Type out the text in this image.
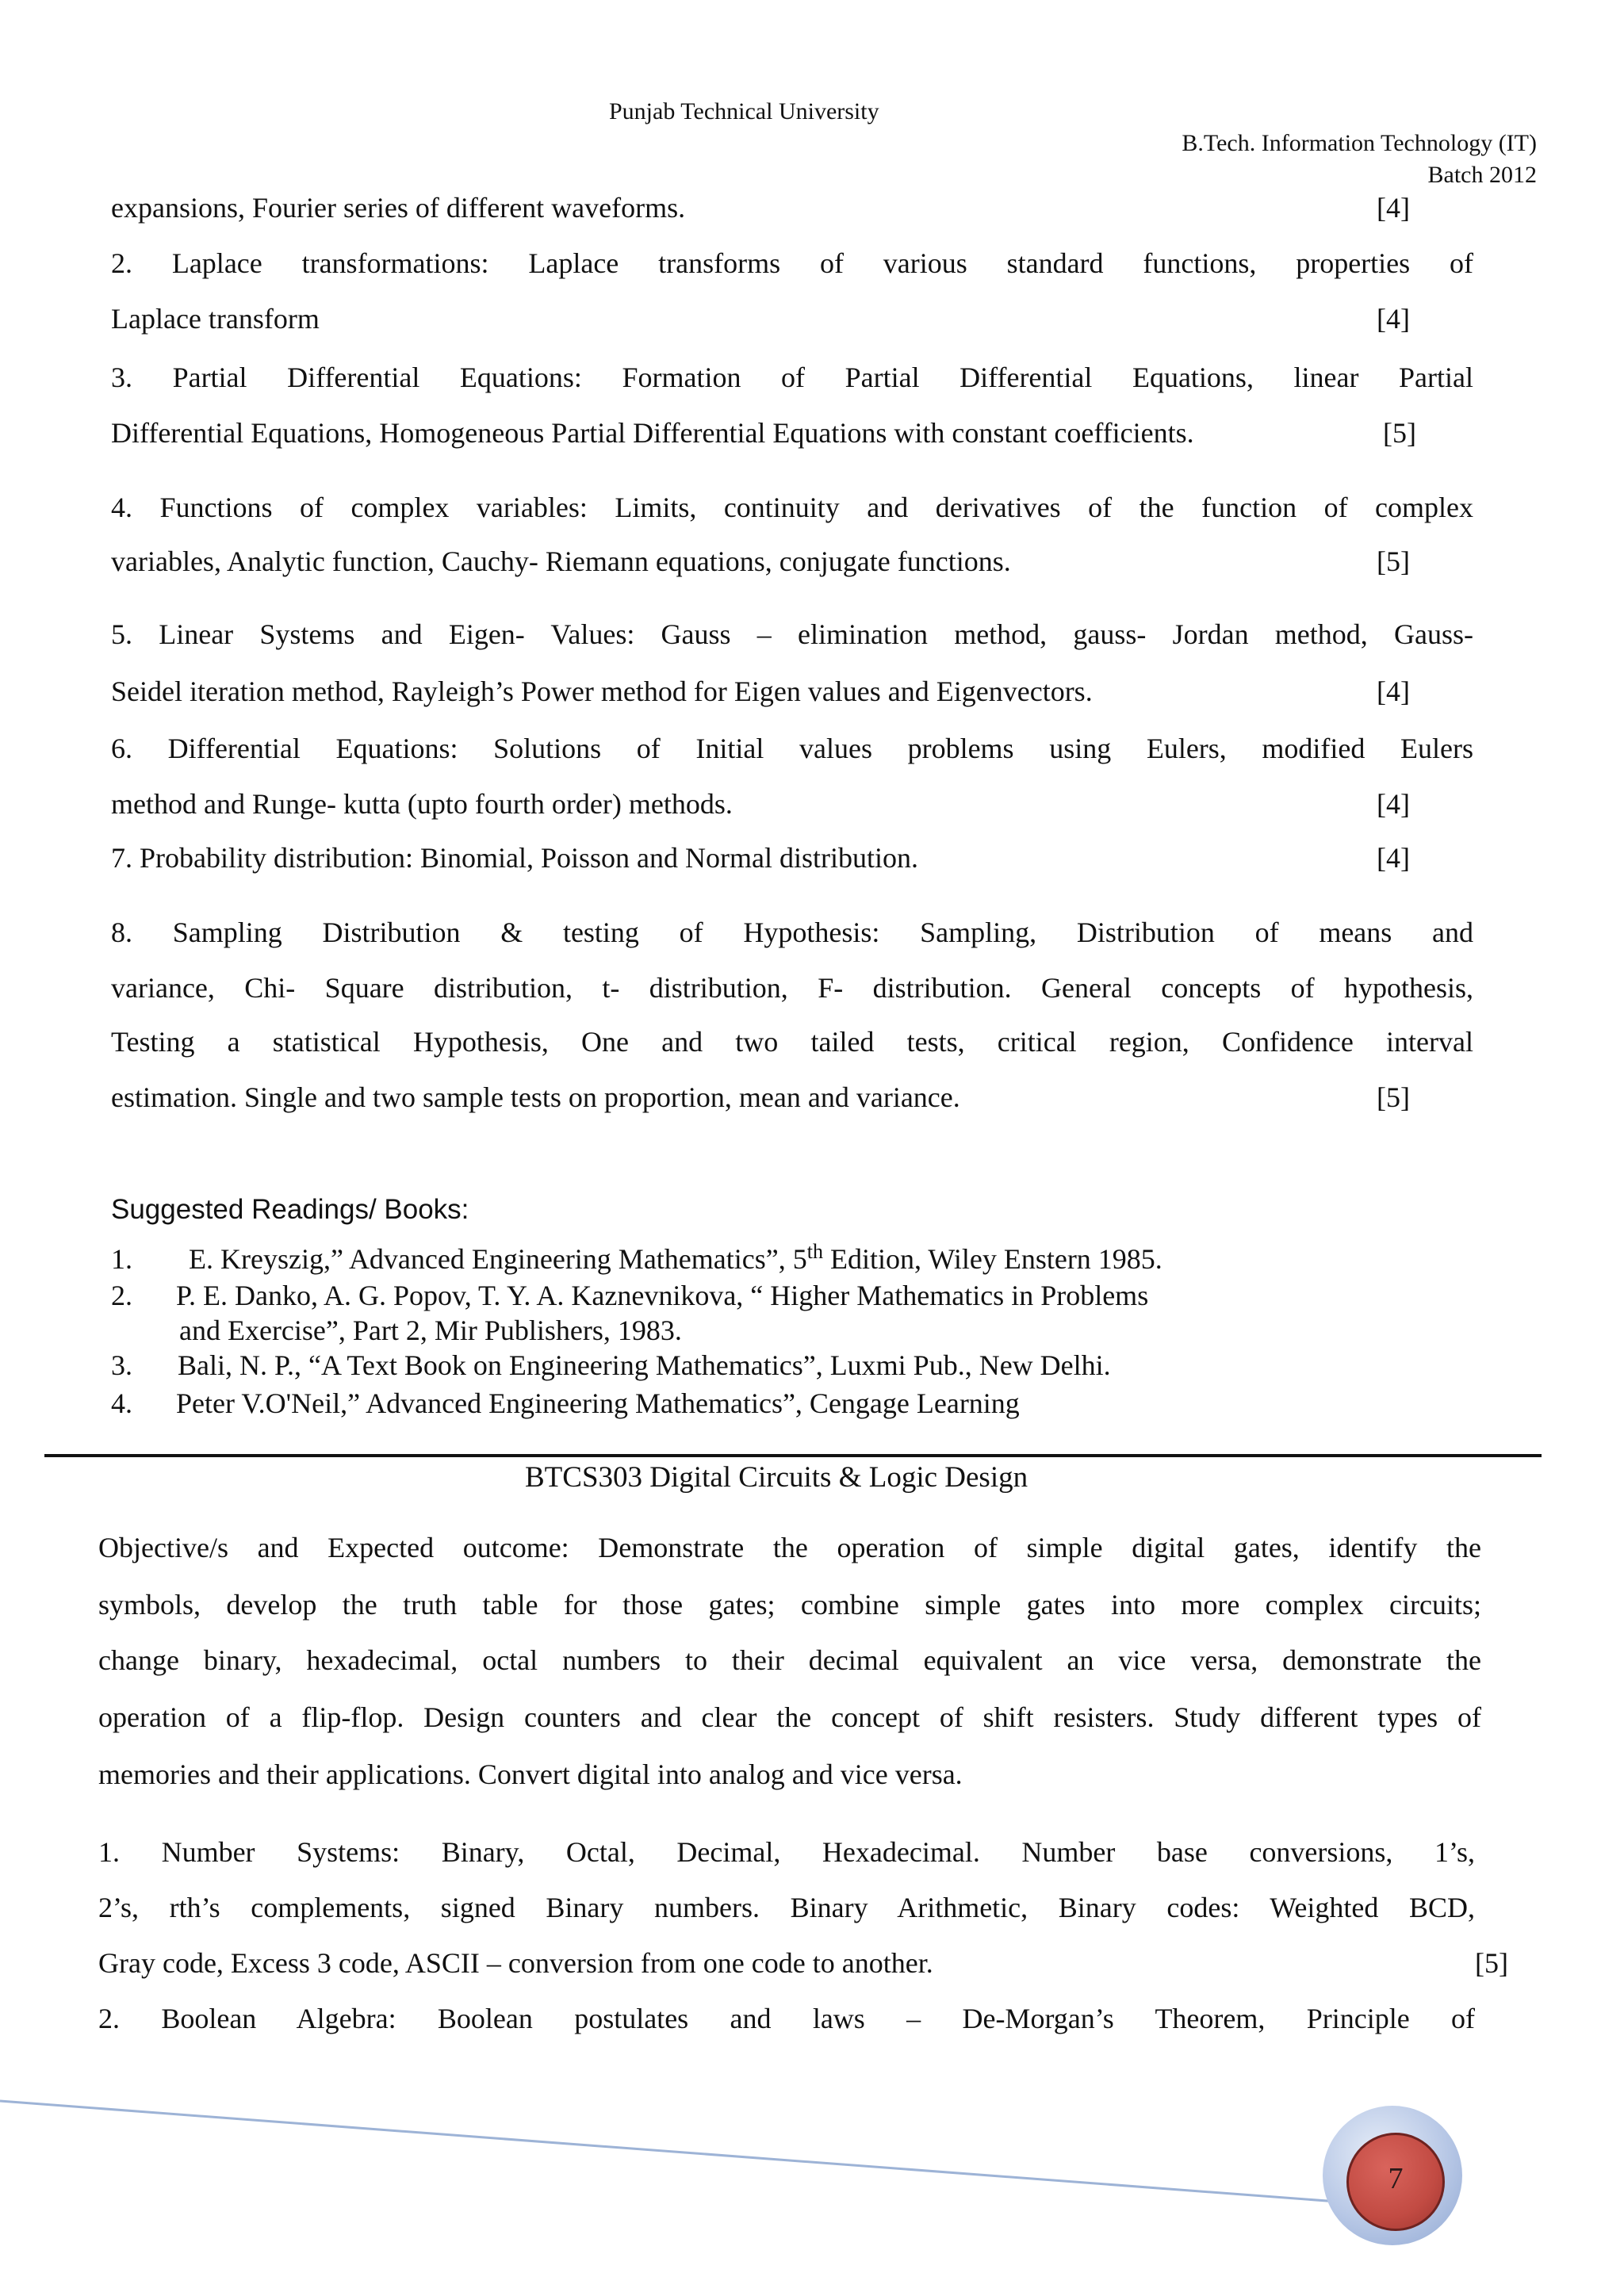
Punjab Technical University
B.Tech. Information Technology (IT)
Batch 2012
expansions, Fourier series of different waveforms.	[4]
2. Laplace transformations: Laplace transforms of various standard functions, properties of
Laplace transform	[4]
3. Partial Differential Equations: Formation of Partial Differential Equations, linear Partial
Differential Equations, Homogeneous Partial Differential Equations with constant coefficients.	[5]
4. Functions of complex variables: Limits, continuity and derivatives of the function of complex
variables, Analytic function, Cauchy- Riemann equations, conjugate functions.	[5]
5. Linear Systems and Eigen- Values: Gauss – elimination method, gauss- Jordan method, Gauss-
Seidel iteration method, Rayleigh’s Power method for Eigen values and Eigenvectors.	[4]
6. Differential Equations: Solutions of Initial values problems using Eulers, modified Eulers
method and Runge- kutta (upto fourth order) methods.	[4]
7. Probability distribution: Binomial, Poisson and Normal distribution.	[4]
8. Sampling Distribution & testing of Hypothesis: Sampling, Distribution of means and
variance, Chi- Square distribution, t- distribution, F- distribution. General concepts of hypothesis,
Testing a statistical Hypothesis, One and two tailed tests, critical region, Confidence interval
estimation. Single and two sample tests on proportion, mean and variance.	[5]
Suggested Readings/ Books:
1. E. Kreyszig,” Advanced Engineering Mathematics”, 5th Edition, Wiley Enstern 1985.
2. P. E. Danko, A. G. Popov, T. Y. A. Kaznevnikova, “ Higher Mathematics in Problems
and Exercise”, Part 2, Mir Publishers, 1983.
3. Bali, N. P., “A Text Book on Engineering Mathematics”, Luxmi Pub., New Delhi.
4. Peter V.O'Neil,” Advanced Engineering Mathematics”, Cengage Learning
BTCS303 Digital Circuits & Logic Design
Objective/s and Expected outcome: Demonstrate the operation of simple digital gates, identify the
symbols, develop the truth table for those gates; combine simple gates into more complex circuits;
change binary, hexadecimal, octal numbers to their decimal equivalent an vice versa, demonstrate the
operation of a flip-flop. Design counters and clear the concept of shift resisters. Study different types of
memories and their applications. Convert digital into analog and vice versa.
1. Number Systems: Binary, Octal, Decimal, Hexadecimal. Number base conversions, 1’s,
2’s, rth’s complements, signed Binary numbers. Binary Arithmetic, Binary codes: Weighted BCD,
Gray code, Excess 3 code, ASCII – conversion from one code to another.	[5]
2. Boolean Algebra: Boolean postulates and laws – De-Morgan’s Theorem, Principle of
7
